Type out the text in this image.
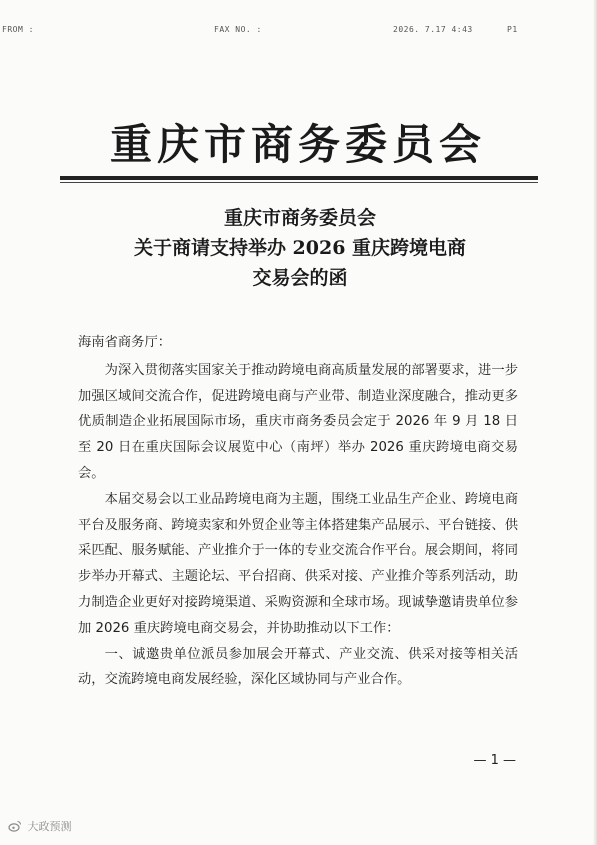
FROM :	FAX NO. :	2026. 7.17 4:43	P1
重庆市商务委员会
重庆市商务委员会
关于商请支持举办 2026 重庆跨境电商
交易会的函

海南省商务厅：

为深入贯彻落实国家关于推动跨境电商高质量发展的部署要求，进一步加强区域间交流合作，促进跨境电商与产业带、制造业深度融合，推动更多优质制造企业拓展国际市场，重庆市商务委员会定于 2026 年 9 月 18 日至 20 日在重庆国际会议展览中心（南坪）举办 2026 重庆跨境电商交易会。

本届交易会以工业品跨境电商为主题，围绕工业品生产企业、跨境电商平台及服务商、跨境卖家和外贸企业等主体搭建集产品展示、平台链接、供采匹配、服务赋能、产业推介于一体的专业交流合作平台。展会期间，将同步举办开幕式、主题论坛、平台招商、供采对接、产业推介等系列活动，助力制造企业更好对接跨境渠道、采购资源和全球市场。现诚挚邀请贵单位参加 2026 重庆跨境电商交易会，并协助推动以下工作：

一、诚邀贵单位派员参加展会开幕式、产业交流、供采对接等相关活动，交流跨境电商发展经验，深化区域协同与产业合作。

— 1 —
大政预测
